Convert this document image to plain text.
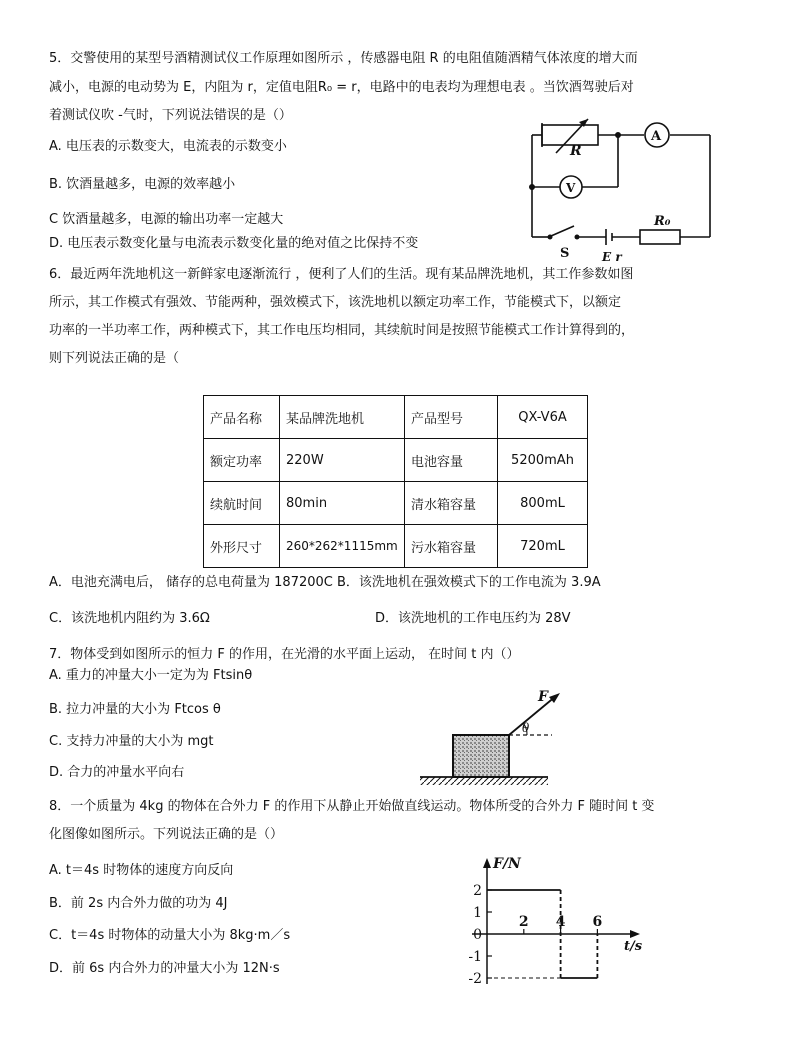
5．交警使用的某型号酒精测试仪工作原理如图所示 ，传感器电阻 R 的电阻值随酒精气体浓度的增大而
减小，电源的电动势为 E，内阻为 r，定值电阻R₀ = r，电路中的电表均为理想电表 。当饮酒驾驶后对
着测试仪吹 -气时，下列说法错误的是（）
A. 电压表的示数变大，电流表的示数变小
B. 饮酒量越多，电源的效率越小
C 饮酒量越多，电源的输出功率一定越大
D. 电压表示数变化量与电流表示数变化量的绝对值之比保持不变
R
A
V
R₀
S	E r
6．最近两年洗地机这一新鲜家电逐渐流行 ，便利了人们的生活。现有某品牌洗地机，其工作参数如图
所示，其工作模式有强效、节能两种，强效模式下，该洗地机以额定功率工作，节能模式下，以额定
功率的一半功率工作，两种模式下，其工作电压均相同，其续航时间是按照节能模式工作计算得到的，
则下列说法正确的是（
产品名称	某品牌洗地机	产品型号	QX-V6A
额定功率	220W	电池容量	5200mAh
续航时间	80min	清水箱容量	800mL
外形尺寸	260*262*1115mm	污水箱容量	720mL
A．电池充满电后， 储存的总电荷量为 187200C B．该洗地机在强效模式下的工作电流为 3.9A
C．该洗地机内阻约为 3.6Ω	D．该洗地机的工作电压约为 28V
7．物体受到如图所示的恒力 F 的作用，在光滑的水平面上运动， 在时间 t 内（）
A. 重力的冲量大小一定为为 Ftsinθ
B. 拉力冲量的大小为 Ftcos θ
C. 支持力冲量的大小为 mgt
D. 合力的冲量水平向右
F
θ
8．一个质量为 4kg 的物体在合外力 F 的作用下从静止开始做直线运动。物体所受的合外力 F 随时间 t 变
化图像如图所示。下列说法正确的是（）
A. t＝4s 时物体的速度方向反向
B．前 2s 内合外力做的功为 4J
C．t＝4s 时物体的动量大小为 8kg·m／s
D．前 6s 内合外力的冲量大小为 12N·s
2
1
0
-1
-2
2 4 6
F/N
t/s
